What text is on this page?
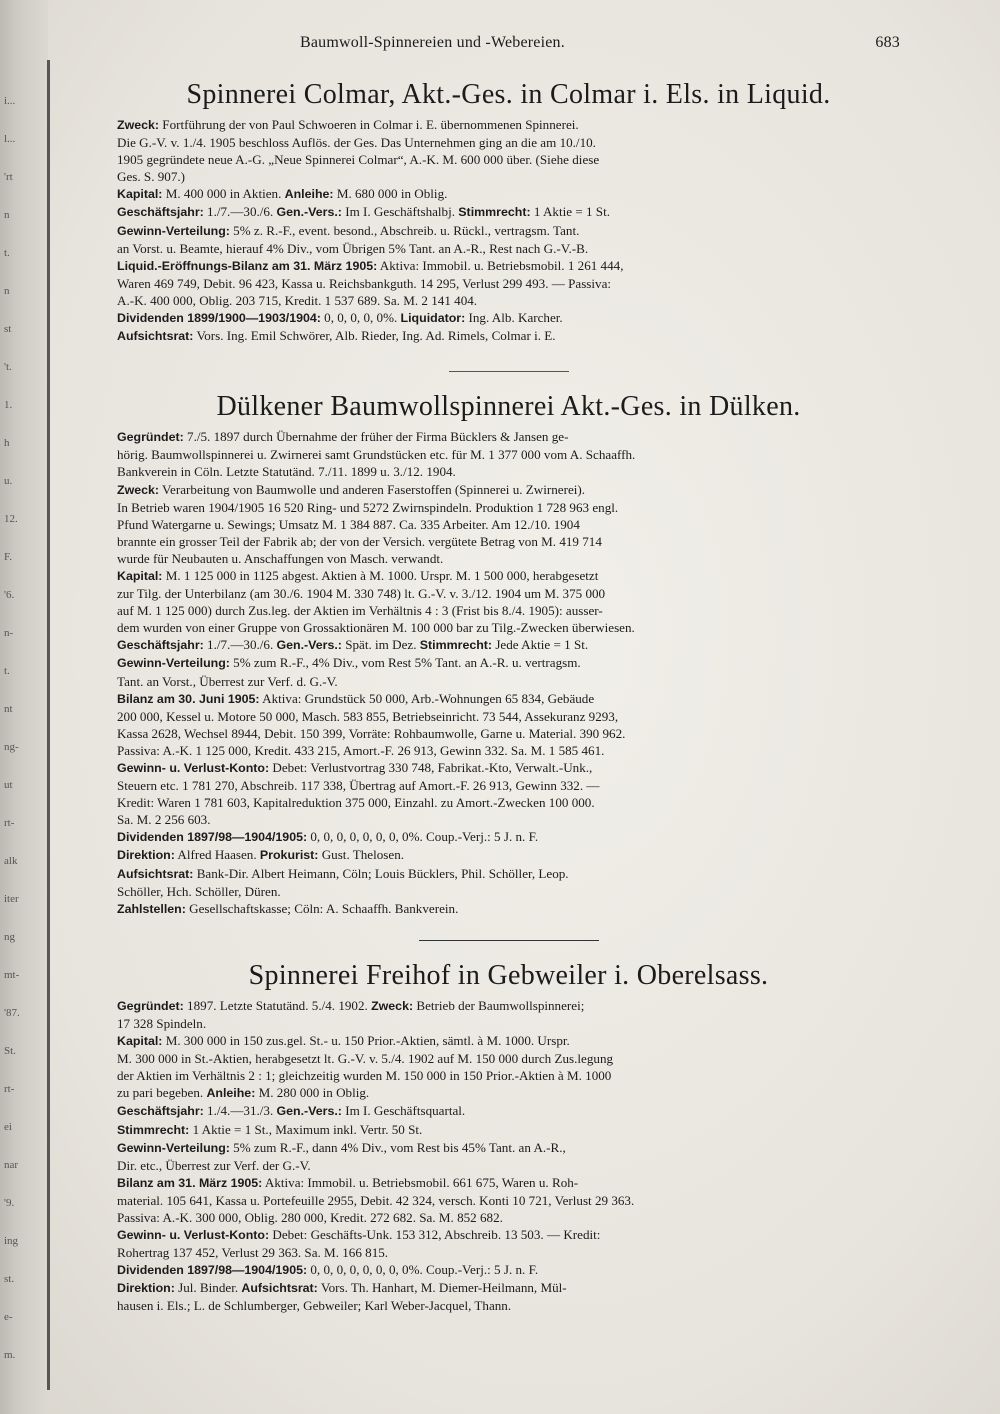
i...
l...
'rt
n
t.
n
st
't.
1.
h
u.
12.
F.
'6.
n-
t.
nt
ng-
ut
rt-
alk
iter
ng
mt-
'87.
St.
rt-
ei
nar
'9.
ing
st.
e-
m.
Baumwoll-Spinnereien und -Webereien.	683
Spinnerei Colmar, Akt.-Ges. in Colmar i. Els. in Liquid.

Zweck: Fortführung der von Paul Schwoeren in Colmar i. E. übernommenen Spinnerei.

Die G.-V. v. 1./4. 1905 beschloss Auflös. der Ges. Das Unternehmen ging an die am 10./10.

1905 gegründete neue A.-G. „Neue Spinnerei Colmar“, A.-K. M. 600 000 über. (Siehe diese

Ges. S. 907.)

Kapital: M. 400 000 in Aktien. Anleihe: M. 680 000 in Oblig.

Geschäftsjahr: 1./7.—30./6. Gen.-Vers.: Im I. Geschäftshalbj. Stimmrecht: 1 Aktie = 1 St.

Gewinn-Verteilung: 5% z. R.-F., event. besond., Abschreib. u. Rückl., vertragsm. Tant.

an Vorst. u. Beamte, hierauf 4% Div., vom Übrigen 5% Tant. an A.-R., Rest nach G.-V.-B.

Liquid.-Eröffnungs-Bilanz am 31. März 1905: Aktiva: Immobil. u. Betriebsmobil. 1 261 444,

Waren 469 749, Debit. 96 423, Kassa u. Reichsbankguth. 14 295, Verlust 299 493. — Passiva:

A.-K. 400 000, Oblig. 203 715, Kredit. 1 537 689. Sa. M. 2 141 404.

Dividenden 1899/1900—1903/1904: 0, 0, 0, 0, 0%. Liquidator: Ing. Alb. Karcher.

Aufsichtsrat: Vors. Ing. Emil Schwörer, Alb. Rieder, Ing. Ad. Rimels, Colmar i. E.

Dülkener Baumwollspinnerei Akt.-Ges. in Dülken.

Gegründet: 7./5. 1897 durch Übernahme der früher der Firma Bücklers & Jansen ge-

hörig. Baumwollspinnerei u. Zwirnerei samt Grundstücken etc. für M. 1 377 000 vom A. Schaaffh.

Bankverein in Cöln. Letzte Statutänd. 7./11. 1899 u. 3./12. 1904.

Zweck: Verarbeitung von Baumwolle und anderen Faserstoffen (Spinnerei u. Zwirnerei).

In Betrieb waren 1904/1905 16 520 Ring- und 5272 Zwirnspindeln. Produktion 1 728 963 engl.

Pfund Watergarne u. Sewings; Umsatz M. 1 384 887. Ca. 335 Arbeiter. Am 12./10. 1904

brannte ein grosser Teil der Fabrik ab; der von der Versich. vergütete Betrag von M. 419 714

wurde für Neubauten u. Anschaffungen von Masch. verwandt.

Kapital: M. 1 125 000 in 1125 abgest. Aktien à M. 1000. Urspr. M. 1 500 000, herabgesetzt

zur Tilg. der Unterbilanz (am 30./6. 1904 M. 330 748) lt. G.-V. v. 3./12. 1904 um M. 375 000

auf M. 1 125 000) durch Zus.leg. der Aktien im Verhältnis 4 : 3 (Frist bis 8./4. 1905): ausser-

dem wurden von einer Gruppe von Grossaktionären M. 100 000 bar zu Tilg.-Zwecken überwiesen.

Geschäftsjahr: 1./7.—30./6. Gen.-Vers.: Spät. im Dez. Stimmrecht: Jede Aktie = 1 St.

Gewinn-Verteilung: 5% zum R.-F., 4% Div., vom Rest 5% Tant. an A.-R. u. vertragsm.

Tant. an Vorst., Überrest zur Verf. d. G.-V.

Bilanz am 30. Juni 1905: Aktiva: Grundstück 50 000, Arb.-Wohnungen 65 834, Gebäude

200 000, Kessel u. Motore 50 000, Masch. 583 855, Betriebseinricht. 73 544, Assekuranz 9293,

Kassa 2628, Wechsel 8944, Debit. 150 399, Vorräte: Rohbaumwolle, Garne u. Material. 390 962.

Passiva: A.-K. 1 125 000, Kredit. 433 215, Amort.-F. 26 913, Gewinn 332. Sa. M. 1 585 461.

Gewinn- u. Verlust-Konto: Debet: Verlustvortrag 330 748, Fabrikat.-Kto, Verwalt.-Unk.,

Steuern etc. 1 781 270, Abschreib. 117 338, Übertrag auf Amort.-F. 26 913, Gewinn 332. —

Kredit: Waren 1 781 603, Kapitalreduktion 375 000, Einzahl. zu Amort.-Zwecken 100 000.

Sa. M. 2 256 603.

Dividenden 1897/98—1904/1905: 0, 0, 0, 0, 0, 0, 0, 0%. Coup.-Verj.: 5 J. n. F.

Direktion: Alfred Haasen. Prokurist: Gust. Thelosen.

Aufsichtsrat: Bank-Dir. Albert Heimann, Cöln; Louis Bücklers, Phil. Schöller, Leop.

Schöller, Hch. Schöller, Düren.

Zahlstellen: Gesellschaftskasse; Cöln: A. Schaaffh. Bankverein.

Spinnerei Freihof in Gebweiler i. Oberelsass.

Gegründet: 1897. Letzte Statutänd. 5./4. 1902. Zweck: Betrieb der Baumwollspinnerei;

17 328 Spindeln.

Kapital: M. 300 000 in 150 zus.gel. St.- u. 150 Prior.-Aktien, sämtl. à M. 1000. Urspr.

M. 300 000 in St.-Aktien, herabgesetzt lt. G.-V. v. 5./4. 1902 auf M. 150 000 durch Zus.legung

der Aktien im Verhältnis 2 : 1; gleichzeitig wurden M. 150 000 in 150 Prior.-Aktien à M. 1000

zu pari begeben. Anleihe: M. 280 000 in Oblig.

Geschäftsjahr: 1./4.—31./3. Gen.-Vers.: Im I. Geschäftsquartal.

Stimmrecht: 1 Aktie = 1 St., Maximum inkl. Vertr. 50 St.

Gewinn-Verteilung: 5% zum R.-F., dann 4% Div., vom Rest bis 45% Tant. an A.-R.,

Dir. etc., Überrest zur Verf. der G.-V.

Bilanz am 31. März 1905: Aktiva: Immobil. u. Betriebsmobil. 661 675, Waren u. Roh-

material. 105 641, Kassa u. Portefeuille 2955, Debit. 42 324, versch. Konti 10 721, Verlust 29 363.

Passiva: A.-K. 300 000, Oblig. 280 000, Kredit. 272 682. Sa. M. 852 682.

Gewinn- u. Verlust-Konto: Debet: Geschäfts-Unk. 153 312, Abschreib. 13 503. — Kredit:

Rohertrag 137 452, Verlust 29 363. Sa. M. 166 815.

Dividenden 1897/98—1904/1905: 0, 0, 0, 0, 0, 0, 0, 0%. Coup.-Verj.: 5 J. n. F.

Direktion: Jul. Binder. Aufsichtsrat: Vors. Th. Hanhart, M. Diemer-Heilmann, Mül-

hausen i. Els.; L. de Schlumberger, Gebweiler; Karl Weber-Jacquel, Thann.
